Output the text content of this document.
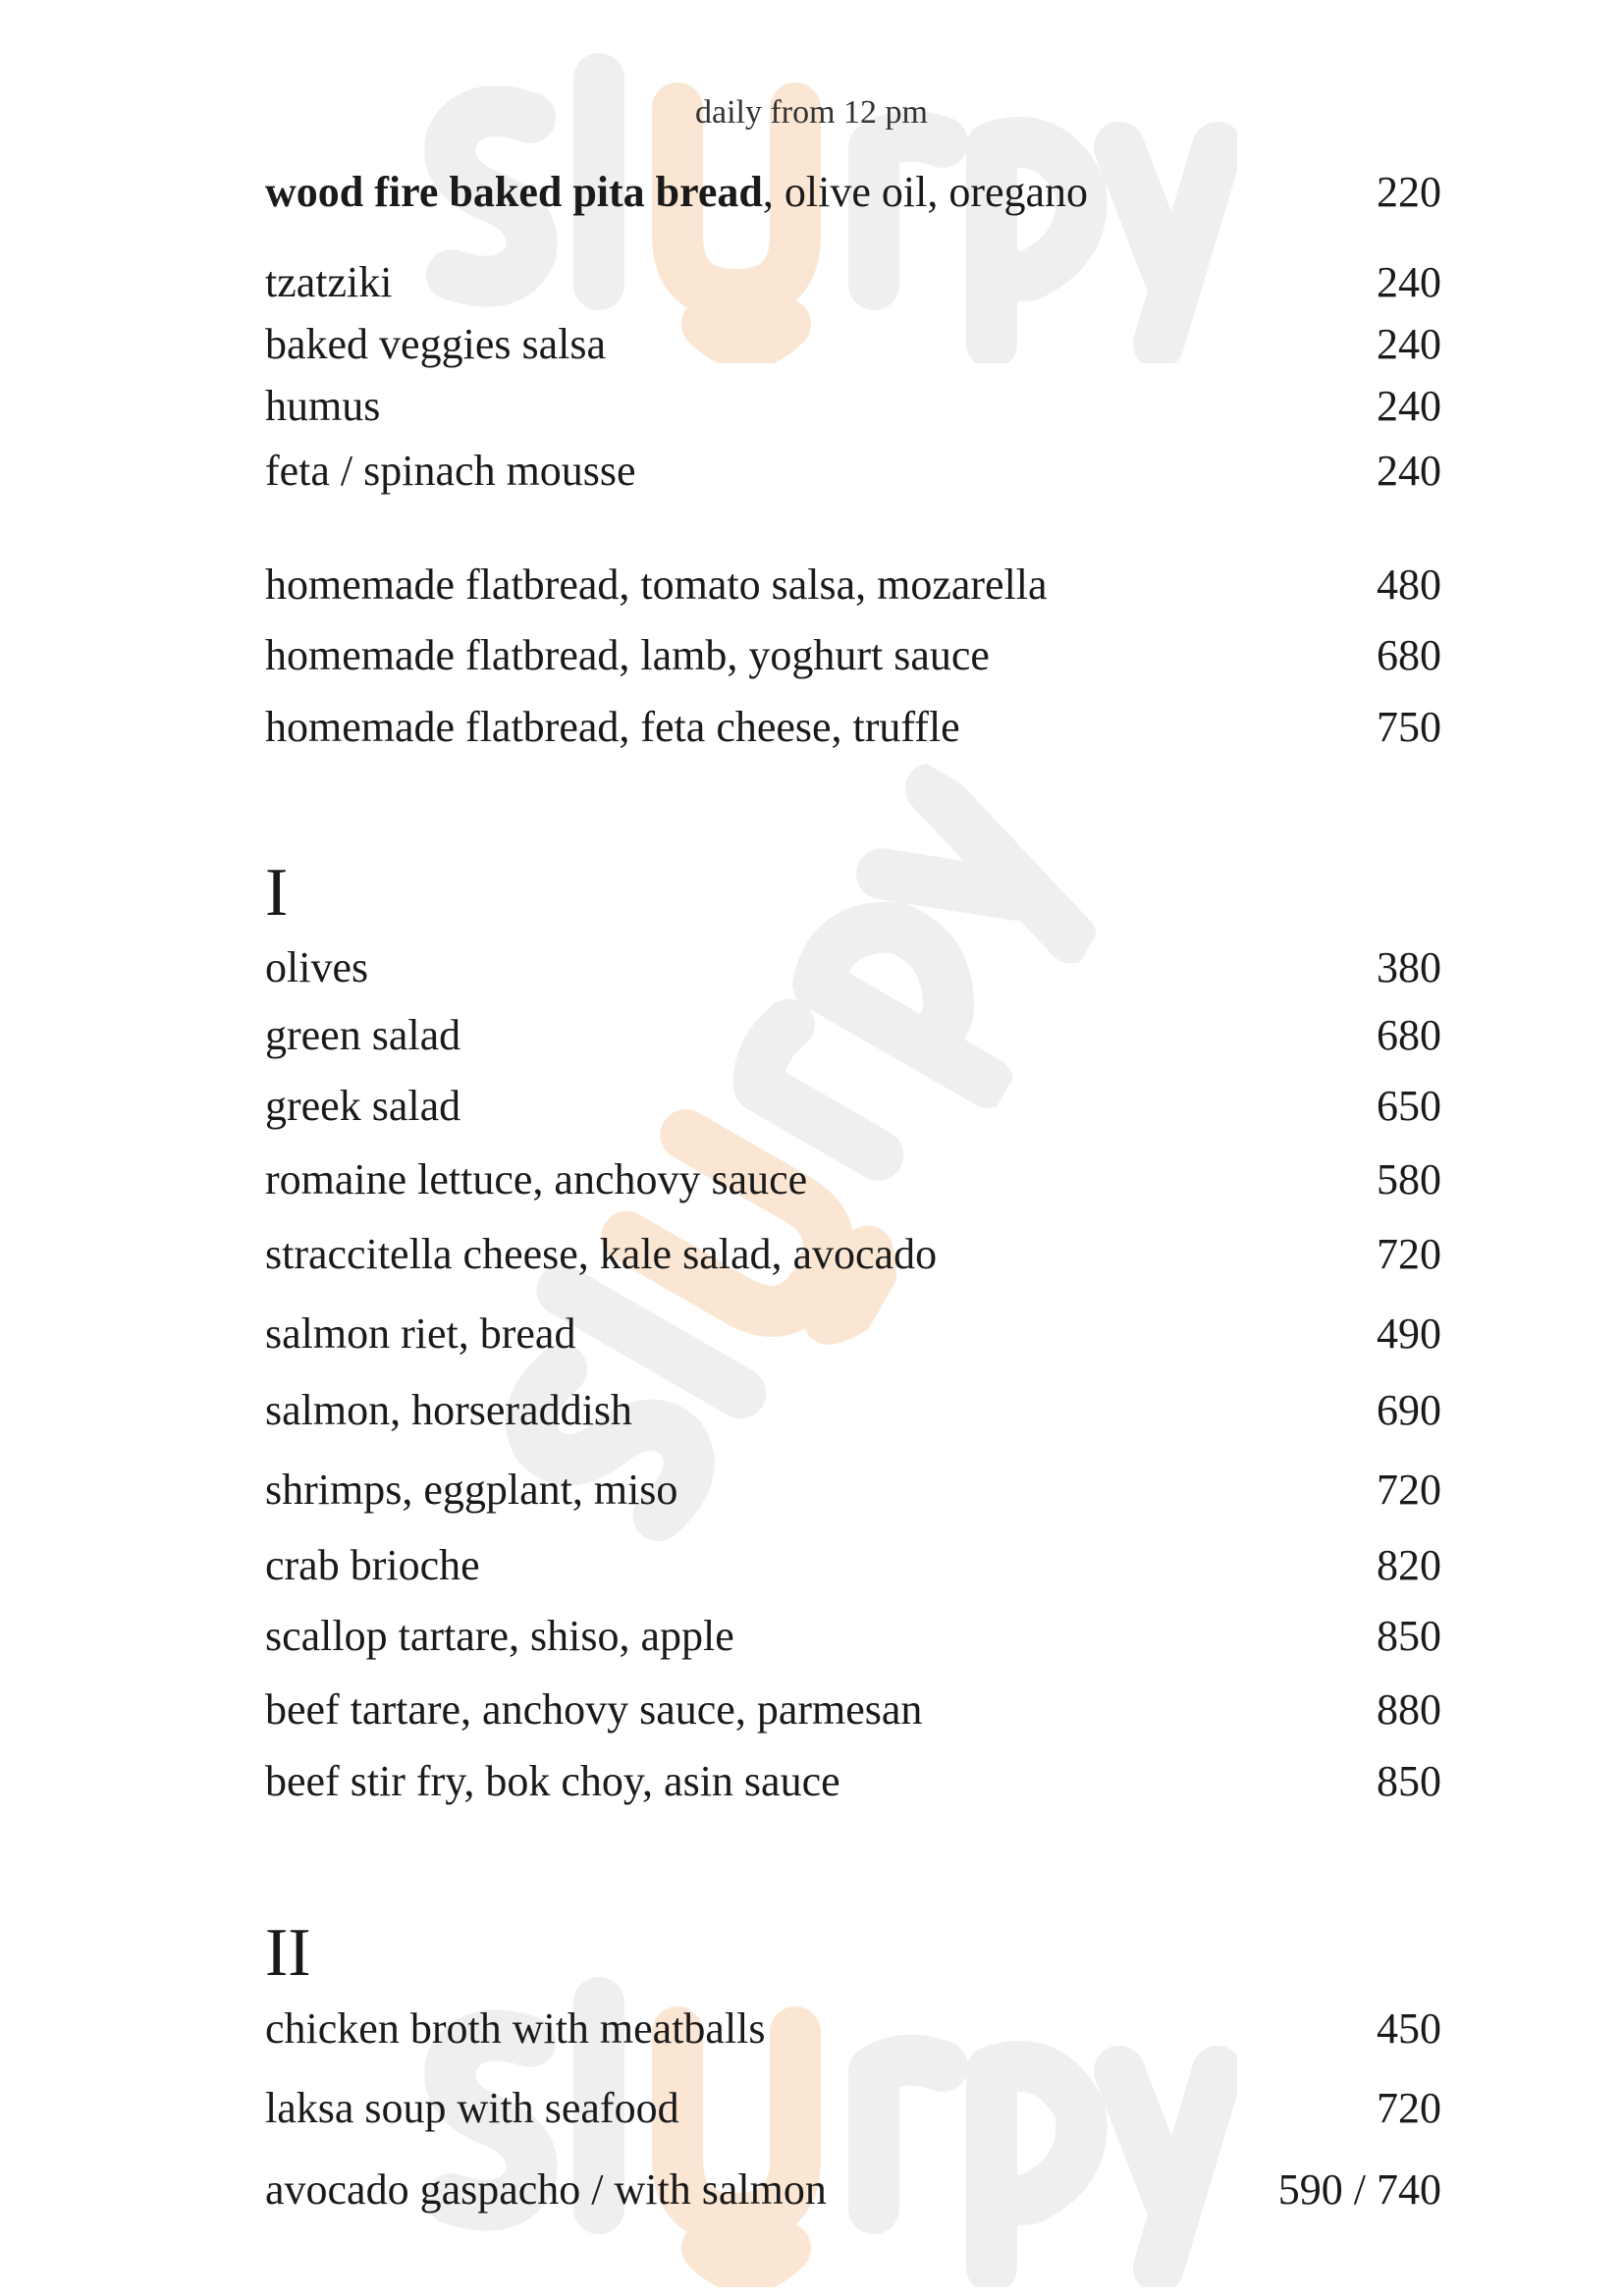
daily from 12 pm
wood fire baked pita bread, olive oil, oregano	220
tzatziki	240
baked veggies salsa	240
humus	240
feta / spinach mousse	240
homemade flatbread, tomato salsa, mozarella	480
homemade flatbread, lamb, yoghurt sauce	680
homemade flatbread, feta cheese, truffle	750
I
olives	380
green salad	680
greek salad	650
romaine lettuce, anchovy sauce	580
straccitella cheese, kale salad, avocado	720
salmon riet, bread	490
salmon, horseraddish	690
shrimps, eggplant, miso	720
crab brioche	820
scallop tartare, shiso, apple	850
beef tartare, anchovy sauce, parmesan	880
beef stir fry, bok choy, asin sauce	850
II
chicken broth with meatballs	450
laksa soup with seafood	720
avocado gaspacho / with salmon	590 / 740
